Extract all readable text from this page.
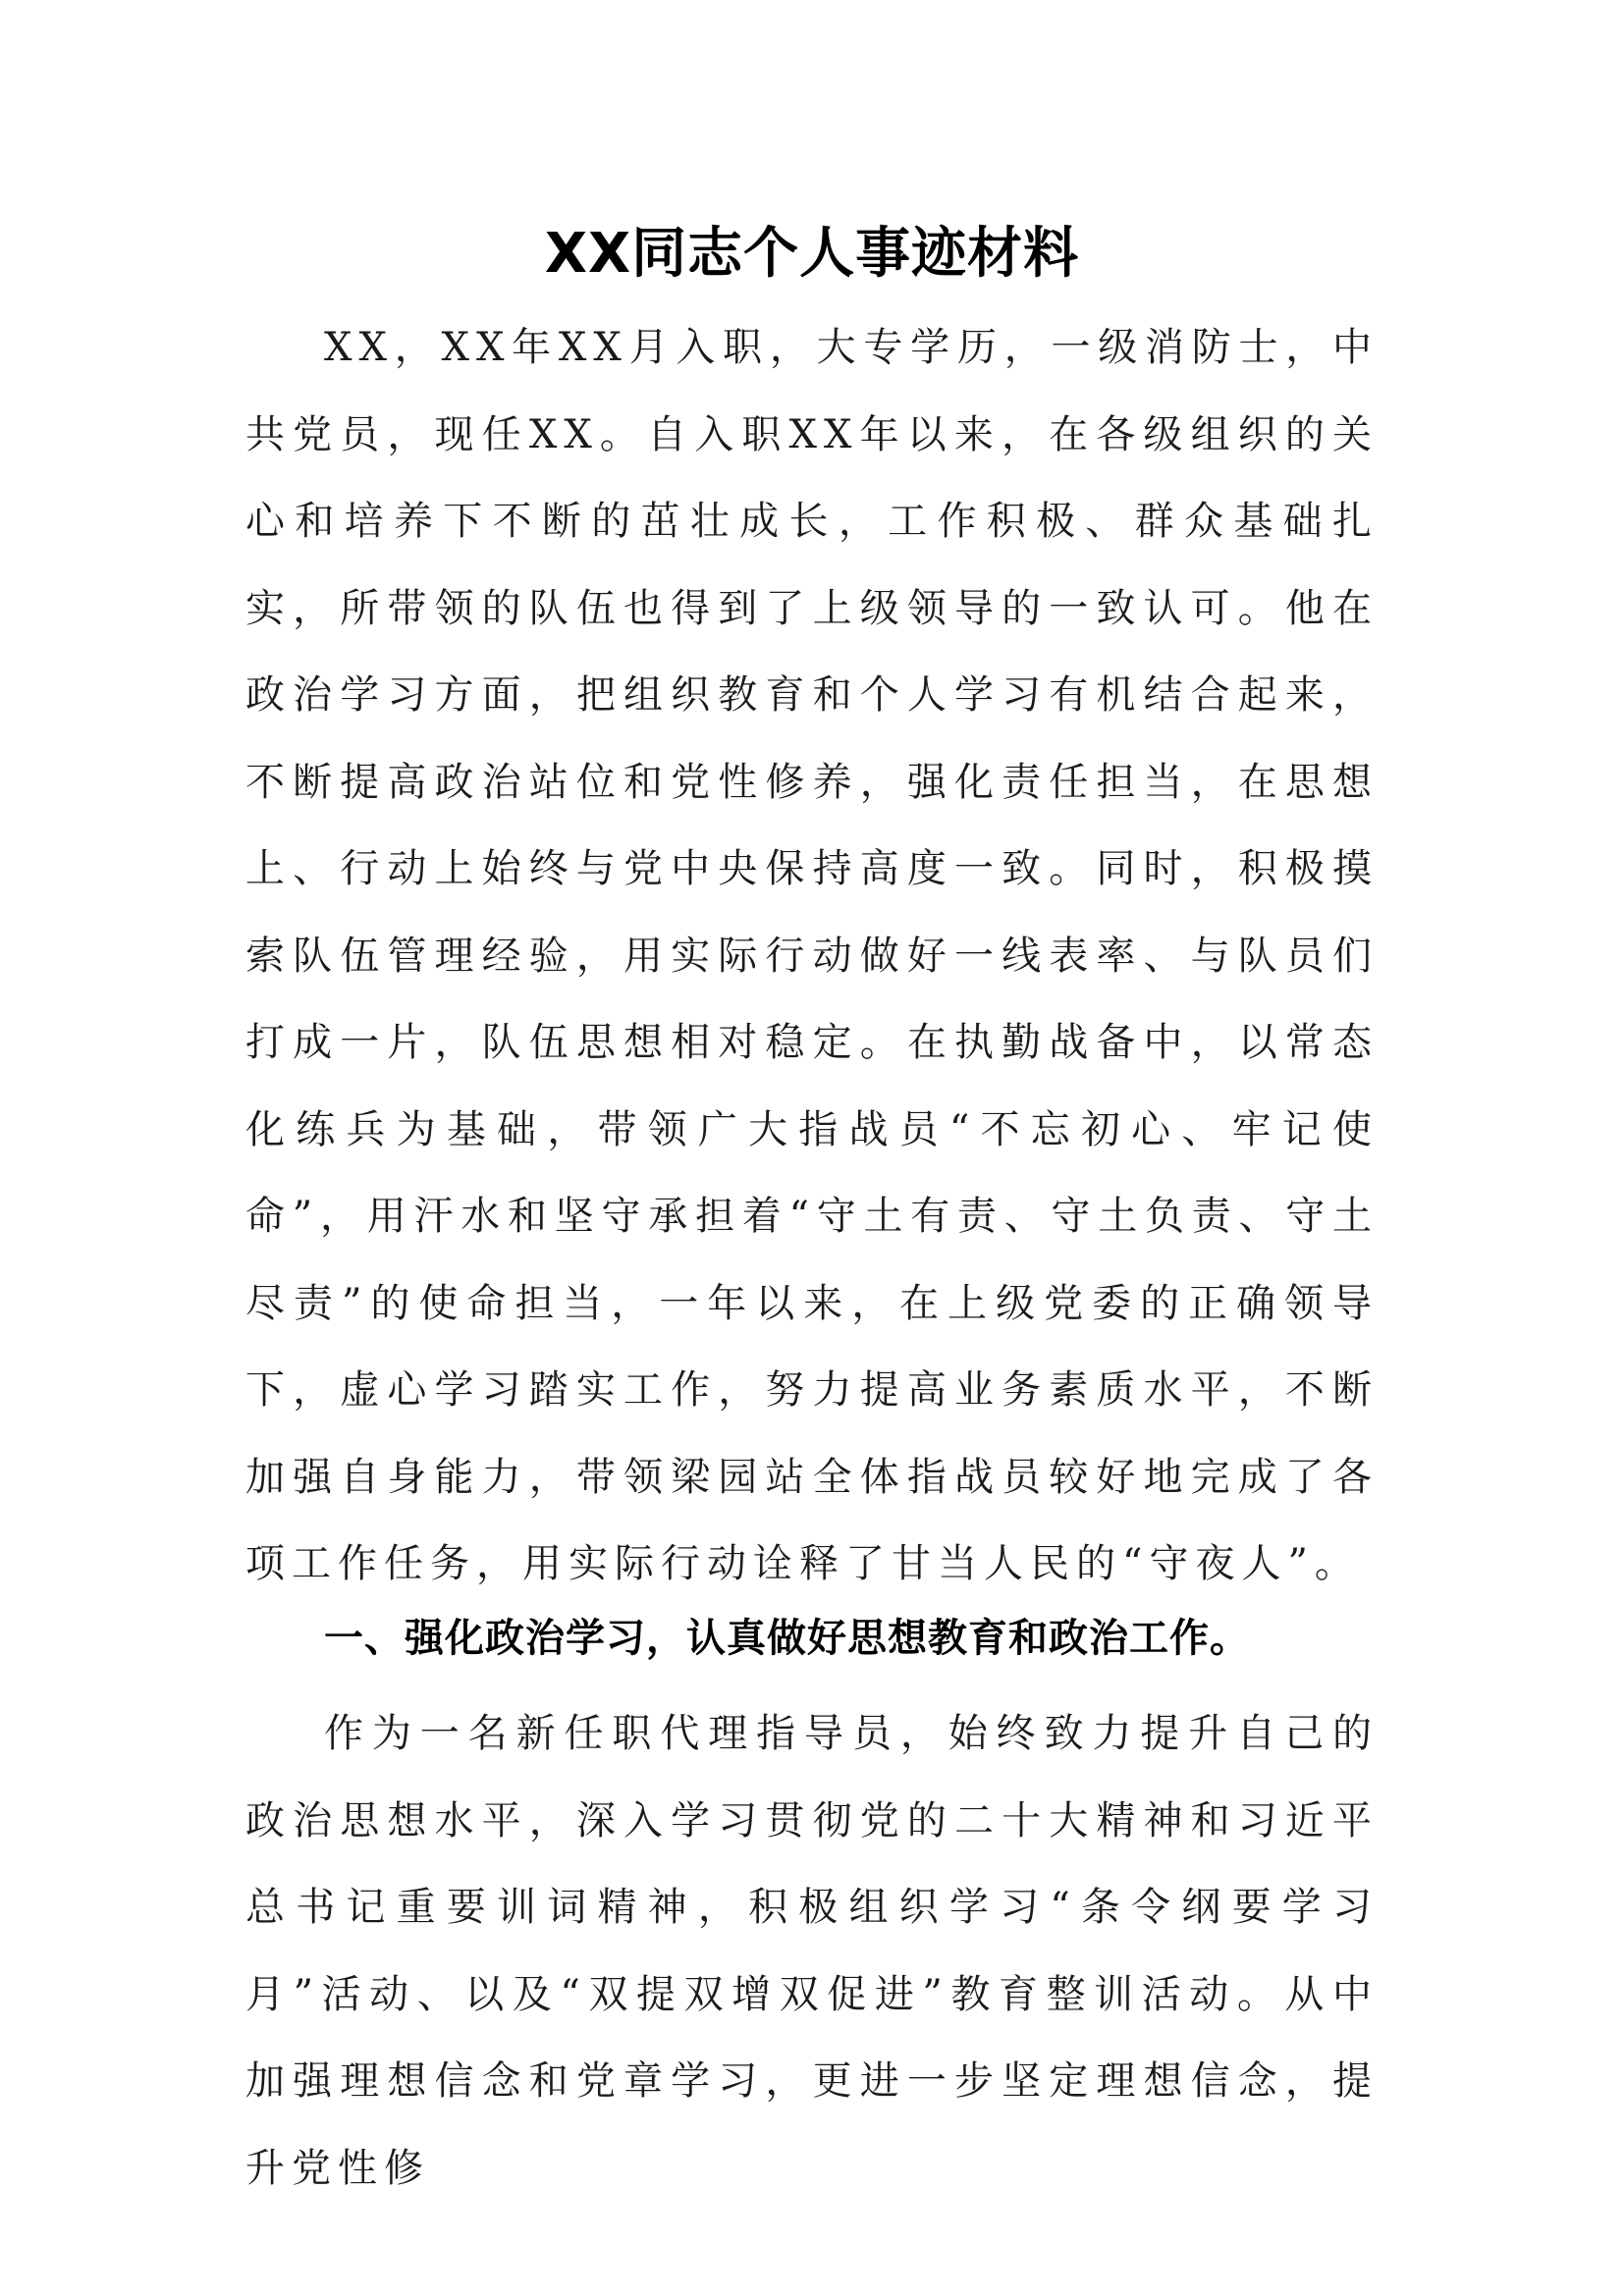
XX同志个人事迹材料

XX，XX年XX月入职，大专学历，一级消防士，中共党员，现任XX。自入职XX年以来，在各级组织的关心和培养下不断的茁壮成长，工作积极、群众基础扎实，所带领的队伍也得到了上级领导的一致认可。他在政治学习方面，把组织教育和个人学习有机结合起来，不断提高政治站位和党性修养，强化责任担当，在思想上、行动上始终与党中央保持高度一致。同时，积极摸索队伍管理经验，用实际行动做好一线表率、与队员们打成一片，队伍思想相对稳定。在执勤战备中，以常态化练兵为基础，带领广大指战员“不忘初心、牢记使命”，用汗水和坚守承担着“守土有责、守土负责、守土尽责”的使命担当，一年以来，在上级党委的正确领导下，虚心学习踏实工作，努力提高业务素质水平，不断加强自身能力，带领梁园站全体指战员较好地完成了各项工作任务，用实际行动诠释了甘当人民的“守夜人”。

一、强化政治学习，认真做好思想教育和政治工作。

作为一名新任职代理指导员，始终致力提升自己的政治思想水平，深入学习贯彻党的二十大精神和习近平总书记重要训词精神，积极组织学习“条令纲要学习月”活动、以及“双提双增双促进”教育整训活动。从中加强理想信念和党章学习，更进一步坚定理想信念，提升党性修
